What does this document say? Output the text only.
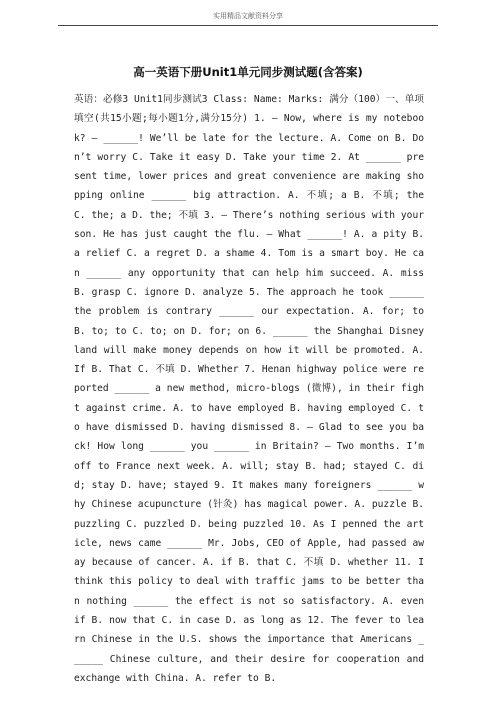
实用精品文献资料分享
高一英语下册Unit1单元同步测试题(含答案)
英语：必修3 Unit1同步测试3 Class: Name: Marks: 满分（100）一、单项填空(共15小题;每小题1分,满分15分) 1. — Now, where is my notebook? — ______! We’ll be late for the lecture. A. Come on B. Don’t worry C. Take it easy D. Take your time 2. At ______ present time, lower prices and great convenience are making shopping online ______ big attraction. A. 不填; a B. 不填; the C. the; a D. the; 不填 3. — There’s nothing serious with your son. He has just caught the flu. — What ______! A. a pity B. a relief C. a regret D. a shame 4. Tom is a smart boy. He can ______ any opportunity that can help him succeed. A. miss B. grasp C. ignore D. analyze 5. The approach he took ______ the problem is contrary ______ our expectation. A. for; to B. to; to C. to; on D. for; on 6. ______ the Shanghai Disneyland will make money depends on how it will be promoted. A. If B. That C. 不填 D. Whether 7. Henan highway police were reported ______ a new method, micro-blogs (微博), in their fight against crime. A. to have employed B. having employed C. to have dismissed D. having dismissed 8. — Glad to see you back! How long ______ you ______ in Britain? — Two months. I’m off to France next week. A. will; stay B. had; stayed C. did; stay D. have; stayed 9. It makes many foreigners ______ why Chinese acupuncture (针灸) has magical power. A. puzzle B. puzzling C. puzzled D. being puzzled 10. As I penned the article, news came ______ Mr. Jobs, CEO of Apple, had passed away because of cancer. A. if B. that C. 不填 D. whether 11. I think this policy to deal with traffic jams to be better than nothing ______ the effect is not so satisfactory. A. even if B. now that C. in case D. as long as 12. The fever to learn Chinese in the U.S. shows the importance that Americans ______ Chinese culture, and their desire for cooperation and exchange with China. A. refer to B.
